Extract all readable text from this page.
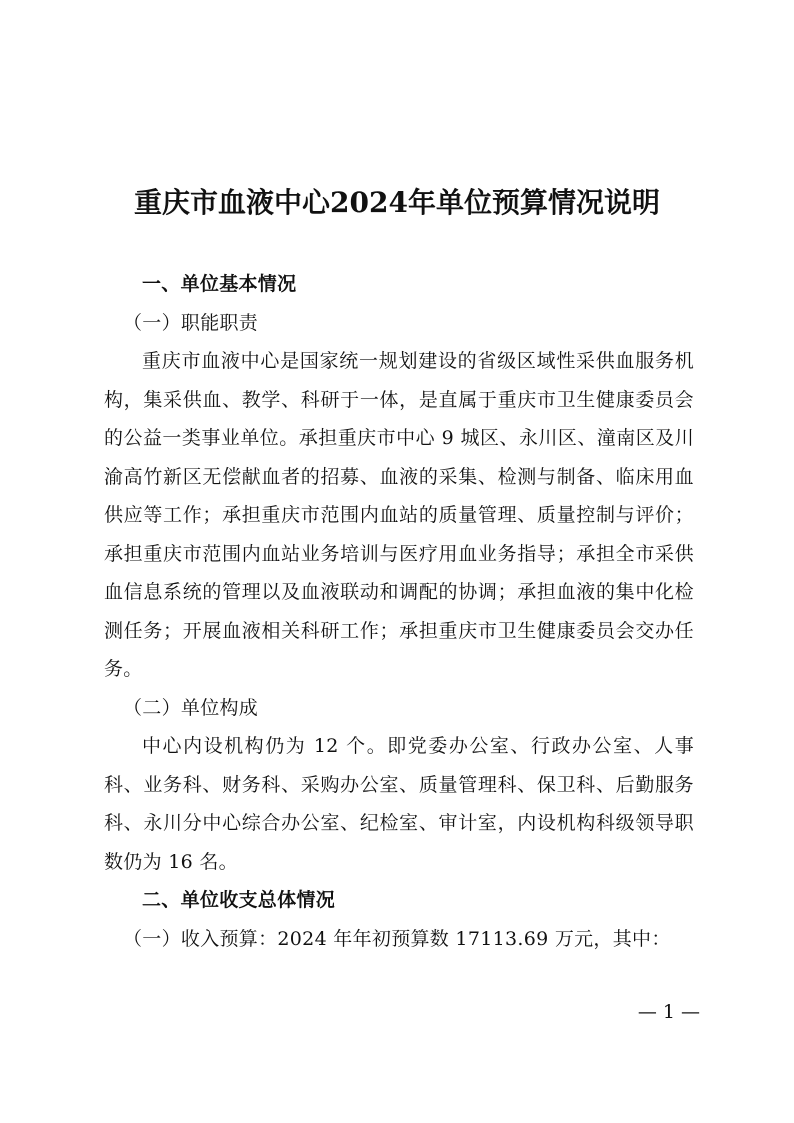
重庆市血液中心2024年单位预算情况说明

一、单位基本情况

（一）职能职责

重庆市血液中心是国家统一规划建设的省级区域性采供血服务机构，集采供血、教学、科研于一体，是直属于重庆市卫生健康委员会的公益一类事业单位。承担重庆市中心 9 城区、永川区、潼南区及川渝高竹新区无偿献血者的招募、血液的采集、检测与制备、临床用血供应等工作；承担重庆市范围内血站的质量管理、质量控制与评价；承担重庆市范围内血站业务培训与医疗用血业务指导；承担全市采供血信息系统的管理以及血液联动和调配的协调；承担血液的集中化检测任务；开展血液相关科研工作；承担重庆市卫生健康委员会交办任务。

（二）单位构成

中心内设机构仍为 12 个。即党委办公室、行政办公室、人事科、业务科、财务科、采购办公室、质量管理科、保卫科、后勤服务科、永川分中心综合办公室、纪检室、审计室，内设机构科级领导职数仍为 16 名。

二、单位收支总体情况

（一）收入预算：2024 年年初预算数 17113.69 万元，其中：

— 1 —
